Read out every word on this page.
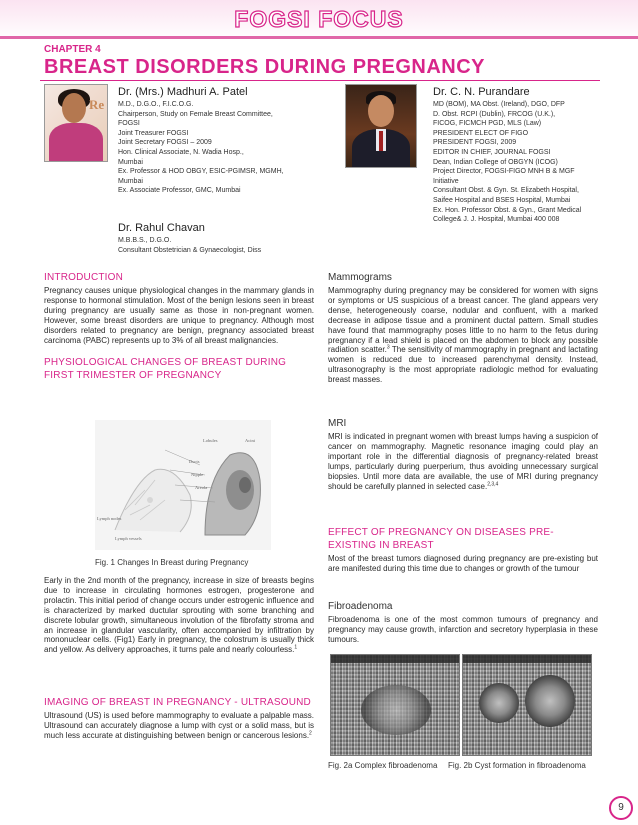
FOGSI FOCUS
CHAPTER 4
BREAST DISORDERS DURING PREGNANCY
Re
Dr. (Mrs.) Madhuri A. Patel
M.D., D.G.O., F.I.C.O.G.
Chairperson, Study on Female Breast Committee,
FOGSI
Joint Treasurer FOGSI
Joint Secretary FOGSI – 2009
Hon. Clinical Associate, N. Wadia Hosp.,
Mumbai
Ex. Professor & HOD OBGY, ESIC-PGIMSR, MGMH,
Mumbai
Ex. Associate Professor, GMC, Mumbai
Dr. Rahul Chavan
M.B.B.S., D.G.O.
Consultant Obstetrician & Gynaecologist, Diss
Dr. C. N. Purandare
MD (BOM), MA Obst. (Ireland), DGO, DFP
D. Obst. RCPI (Dublin), FRCOG (U.K.),
FICOG, FICMCH PGD, MLS (Law)
PRESIDENT ELECT OF FIGO
PRESIDENT FOGSI, 2009
EDITOR IN CHIEF, JOURNAL FOGSI
Dean, Indian College of OBGYN (ICOG)
Project Director, FOGSI-FIGO MNH B & MGF
Initiative
Consultant Obst. & Gyn. St. Elizabeth Hospital,
Saifee Hospital and BSES Hospital, Mumbai
Ex. Hon. Professor Obst. & Gyn., Grant Medical
College& J. J. Hospital, Mumbai 400 008
INTRODUCTION
Pregnancy causes unique physiological changes in the mammary glands in response to hormonal stimulation. Most of the benign lesions seen in breast during pregnancy are usually same as those in non-pregnant women. However, some breast disorders are unique to pregnancy. Although most disorders related to pregnancy are benign, pregnancy associated breast carcinoma (PABC) represents up to 3% of all breast malignancies.
PHYSIOLOGICAL CHANGES OF BREAST DURING FIRST TRIMESTER OF PREGNANCY
Lobules	Acini
Ducts
Nipple
Areola
Lymph nodes
Lymph vessels
Fig. 1 Changes In Breast during Pregnancy
Early in the 2nd month of the pregnancy, increase in size of breasts begins due to increase in circulating hormones estrogen, progesterone and prolactin. This initial period of change occurs under estrogenic influence and is characterized by marked ductular sprouting with some branching and discrete lobular growth, simultaneous involution of the fibrofatty stroma and an increase in glandular vascularity, often accompanied by infiltration by mononuclear cells. (Fig1) Early in pregnancy, the colostrum is usually thick and yellow. As delivery approaches, it turns pale and nearly colourless.$^1$
IMAGING OF BREAST IN PREGNANCY - ULTRASOUND
Ultrasound (US) is used before mammography to evaluate a palpable mass. Ultrasound can accurately diagnose a lump with cyst or a solid mass, but is much less accurate at distinguishing between benign or cancerous lesions.$^2$
Mammograms
Mammography during pregnancy may be considered for women with signs or symptoms or US suspicious of a breast cancer. The gland appears very dense, heterogeneously coarse, nodular and confluent, with a marked decrease in adipose tissue and a prominent ductal pattern. Small studies have found that mammography poses little to no harm to the fetus during pregnancy if a lead shield is placed on the abdomen to block any possible radiation scatter.$^3$ The sensitivity of mammography in pregnant and lactating women is reduced due to increased parenchymal density. Instead, ultrasonography is the most appropriate radiologic method for evaluating breast masses.
MRI
MRI is indicated in pregnant women with breast lumps having a suspicion of cancer on mammography. Magnetic resonance imaging could play an important role in the differential diagnosis of pregnancy-related breast lumps, particularly during puerperium, thus avoiding unnecessary surgical biopsies. Until more data are available, the use of MRI during pregnancy should be carefully planned in selected case.$^{2,3,4}$
EFFECT OF PREGNANCY ON DISEASES PRE-EXISTING IN BREAST
Most of the breast tumors diagnosed during pregnancy are pre-existing but are manifested during this time due to changes or growth of the tumour
Fibroadenoma
Fibroadenoma is one of the most common tumours of pregnancy and pregnancy may cause growth, infarction and secretory hyperplasia in these tumours.
Fig. 2a Complex fibroadenoma Fig. 2b Cyst formation in fibroadenoma
9
